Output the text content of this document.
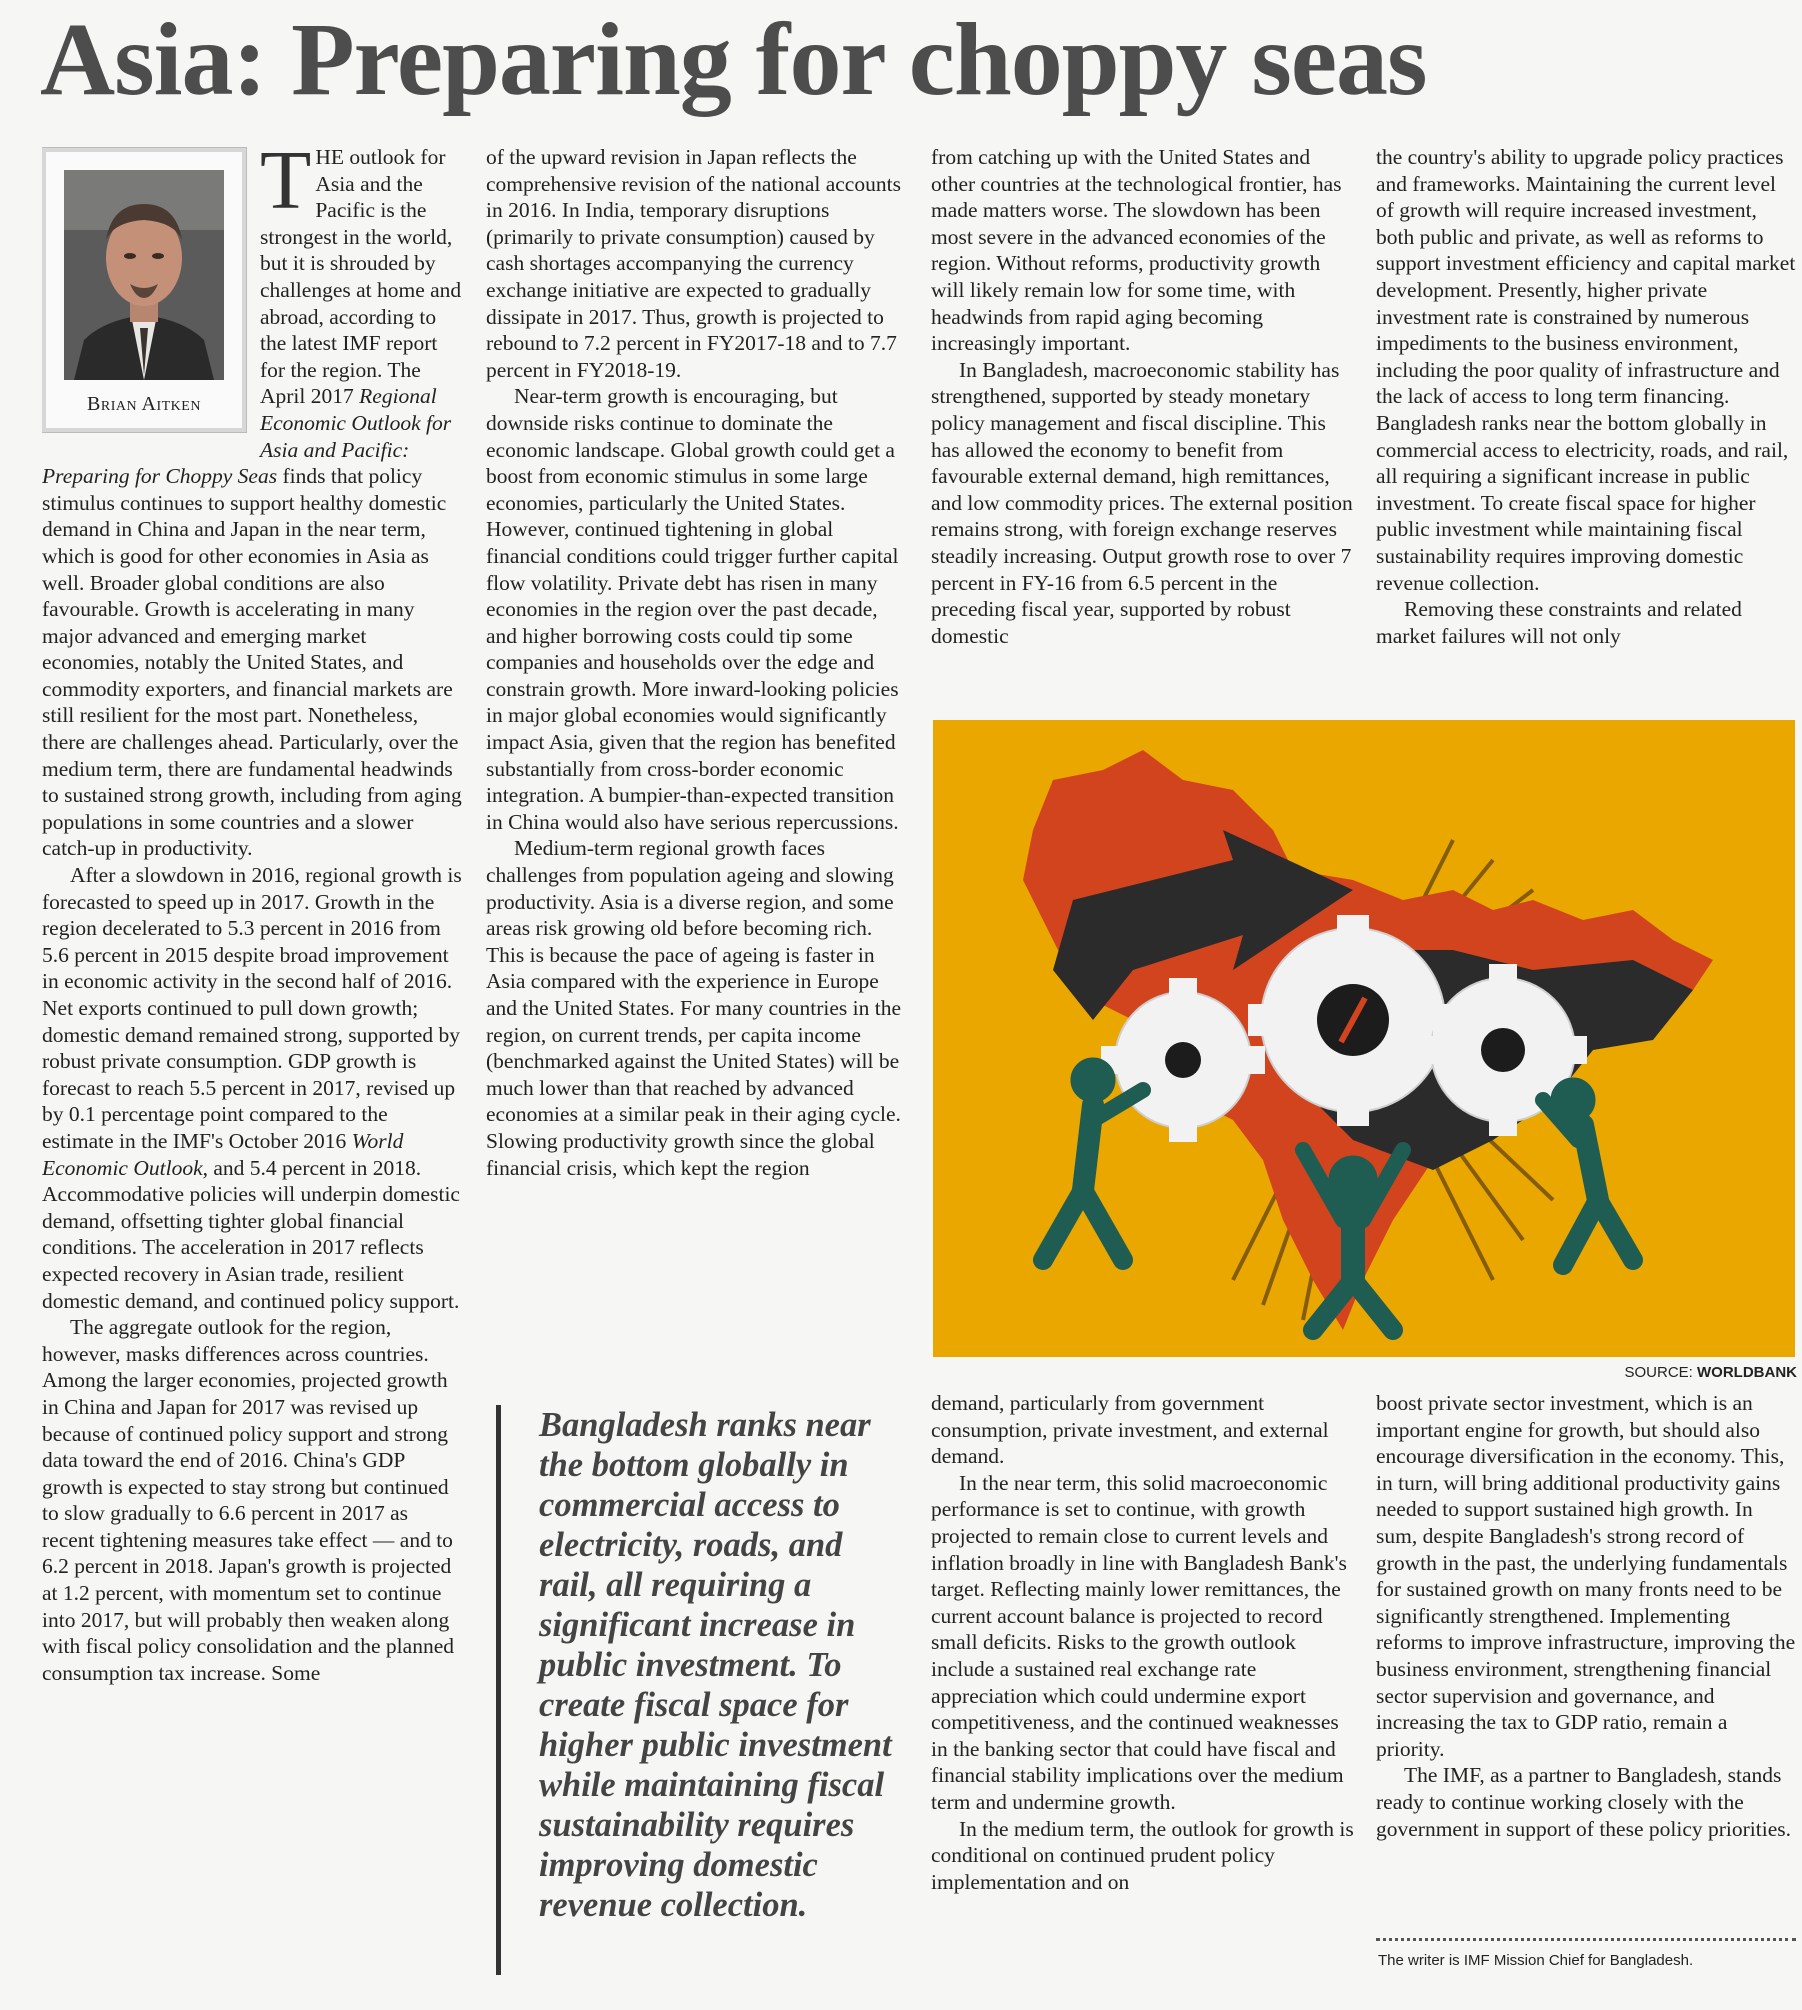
Asia: Preparing for choppy seas
Brian Aitken

THE outlook for Asia and the Pacific is the strongest in the world, but it is shrouded by challenges at home and abroad, according to the latest IMF report for the region. The April 2017 Regional Economic Outlook for Asia and Pacific: Preparing for Choppy Seas finds that policy stimulus continues to support healthy domestic demand in China and Japan in the near term, which is good for other economies in Asia as well. Broader global conditions are also favourable. Growth is accelerating in many major advanced and emerging market economies, notably the United States, and commodity exporters, and financial markets are still resilient for the most part. Nonetheless, there are challenges ahead. Particularly, over the medium term, there are fundamental headwinds to sustained strong growth, including from aging populations in some countries and a slower catch-up in productivity.

After a slowdown in 2016, regional growth is forecasted to speed up in 2017. Growth in the region decelerated to 5.3 percent in 2016 from 5.6 percent in 2015 despite broad improvement in economic activity in the second half of 2016. Net exports continued to pull down growth; domestic demand remained strong, supported by robust private consumption. GDP growth is forecast to reach 5.5 percent in 2017, revised up by 0.1 percentage point compared to the estimate in the IMF's October 2016 World Economic Outlook, and 5.4 percent in 2018. Accommodative policies will underpin domestic demand, offsetting tighter global financial conditions. The acceleration in 2017 reflects expected recovery in Asian trade, resilient domestic demand, and continued policy support.

The aggregate outlook for the region, however, masks differences across countries. Among the larger economies, projected growth in China and Japan for 2017 was revised up because of continued policy support and strong data toward the end of 2016. China's GDP growth is expected to stay strong but continued to slow gradually to 6.6 percent in 2017 as recent tightening measures take effect — and to 6.2 percent in 2018. Japan's growth is projected at 1.2 percent, with momentum set to continue into 2017, but will probably then weaken along with fiscal policy consolidation and the planned consumption tax increase. Some

of the upward revision in Japan reflects the comprehensive revision of the national accounts in 2016. In India, temporary disruptions (primarily to private consumption) caused by cash shortages accompanying the currency exchange initiative are expected to gradually dissipate in 2017. Thus, growth is projected to rebound to 7.2 percent in FY2017-18 and to 7.7 percent in FY2018-19.

Near-term growth is encouraging, but downside risks continue to dominate the economic landscape. Global growth could get a boost from economic stimulus in some large economies, particularly the United States. However, continued tightening in global financial conditions could trigger further capital flow volatility. Private debt has risen in many economies in the region over the past decade, and higher borrowing costs could tip some companies and households over the edge and constrain growth. More inward-looking policies in major global economies would significantly impact Asia, given that the region has benefited substantially from cross-border economic integration. A bumpier-than-expected transition in China would also have serious repercussions.

Medium-term regional growth faces challenges from population ageing and slowing productivity. Asia is a diverse region, and some areas risk growing old before becoming rich. This is because the pace of ageing is faster in Asia compared with the experience in Europe and the United States. For many countries in the region, on current trends, per capita income (benchmarked against the United States) will be much lower than that reached by advanced economies at a similar peak in their aging cycle. Slowing productivity growth since the global financial crisis, which kept the region

Bangladesh ranks near the bottom globally in commercial access to electricity, roads, and rail, all requiring a significant increase in public investment. To create fiscal space for higher public investment while maintaining fiscal sustainability requires improving domestic revenue collection.

from catching up with the United States and other countries at the technological frontier, has made matters worse. The slowdown has been most severe in the advanced economies of the region. Without reforms, productivity growth will likely remain low for some time, with headwinds from rapid aging becoming increasingly important.

In Bangladesh, macroeconomic stability has strengthened, supported by steady monetary policy management and fiscal discipline. This has allowed the economy to benefit from favourable external demand, high remittances, and low commodity prices. The external position remains strong, with foreign exchange reserves steadily increasing. Output growth rose to over 7 percent in FY-16 from 6.5 percent in the preceding fiscal year, supported by robust domestic

the country's ability to upgrade policy practices and frameworks. Maintaining the current level of growth will require increased investment, both public and private, as well as reforms to support investment efficiency and capital market development. Presently, higher private investment rate is constrained by numerous impediments to the business environment, including the poor quality of infrastructure and the lack of access to long term financing. Bangladesh ranks near the bottom globally in commercial access to electricity, roads, and rail, all requiring a significant increase in public investment. To create fiscal space for higher public investment while maintaining fiscal sustainability requires improving domestic revenue collection.

Removing these constraints and related market failures will not only

SOURCE: WORLDBANK

demand, particularly from government consumption, private investment, and external demand.

In the near term, this solid macroeconomic performance is set to continue, with growth projected to remain close to current levels and inflation broadly in line with Bangladesh Bank's target. Reflecting mainly lower remittances, the current account balance is projected to record small deficits. Risks to the growth outlook include a sustained real exchange rate appreciation which could undermine export competitiveness, and the continued weaknesses in the banking sector that could have fiscal and financial stability implications over the medium term and undermine growth.

In the medium term, the outlook for growth is conditional on continued prudent policy implementation and on

boost private sector investment, which is an important engine for growth, but should also encourage diversification in the economy. This, in turn, will bring additional productivity gains needed to support sustained high growth. In sum, despite Bangladesh's strong record of growth in the past, the underlying fundamentals for sustained growth on many fronts need to be significantly strengthened. Implementing reforms to improve infrastructure, improving the business environment, strengthening financial sector supervision and governance, and increasing the tax to GDP ratio, remain a priority.

The IMF, as a partner to Bangladesh, stands ready to continue working closely with the government in support of these policy priorities.

The writer is IMF Mission Chief for Bangladesh.
